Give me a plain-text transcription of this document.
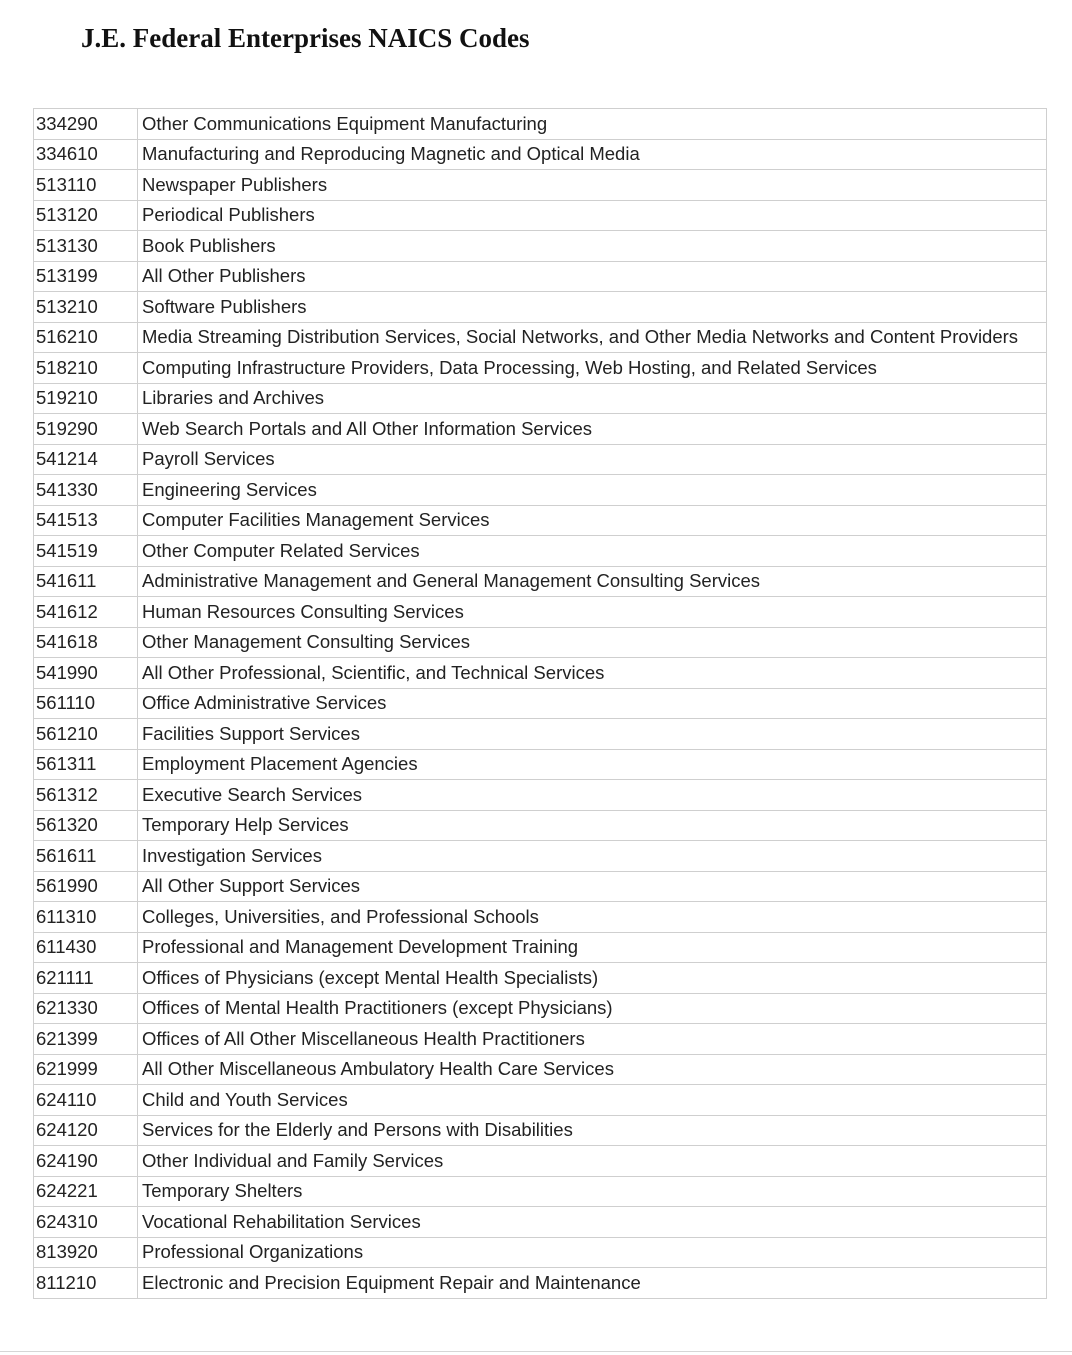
J.E. Federal Enterprises NAICS Codes
334290	Other Communications Equipment Manufacturing
334610	Manufacturing and Reproducing Magnetic and Optical Media
513110	Newspaper Publishers
513120	Periodical Publishers
513130	Book Publishers
513199	All Other Publishers
513210	Software Publishers
516210	Media Streaming Distribution Services, Social Networks, and Other Media Networks and Content Providers
518210	Computing Infrastructure Providers, Data Processing, Web Hosting, and Related Services
519210	Libraries and Archives
519290	Web Search Portals and All Other Information Services
541214	Payroll Services
541330	Engineering Services
541513	Computer Facilities Management Services
541519	Other Computer Related Services
541611	Administrative Management and General Management Consulting Services
541612	Human Resources Consulting Services
541618	Other Management Consulting Services
541990	All Other Professional, Scientific, and Technical Services
561110	Office Administrative Services
561210	Facilities Support Services
561311	Employment Placement Agencies
561312	Executive Search Services
561320	Temporary Help Services
561611	Investigation Services
561990	All Other Support Services
611310	Colleges, Universities, and Professional Schools
611430	Professional and Management Development Training
621111	Offices of Physicians (except Mental Health Specialists)
621330	Offices of Mental Health Practitioners (except Physicians)
621399	Offices of All Other Miscellaneous Health Practitioners
621999	All Other Miscellaneous Ambulatory Health Care Services
624110	Child and Youth Services
624120	Services for the Elderly and Persons with Disabilities
624190	Other Individual and Family Services
624221	Temporary Shelters
624310	Vocational Rehabilitation Services
813920	Professional Organizations
811210	Electronic and Precision Equipment Repair and Maintenance
